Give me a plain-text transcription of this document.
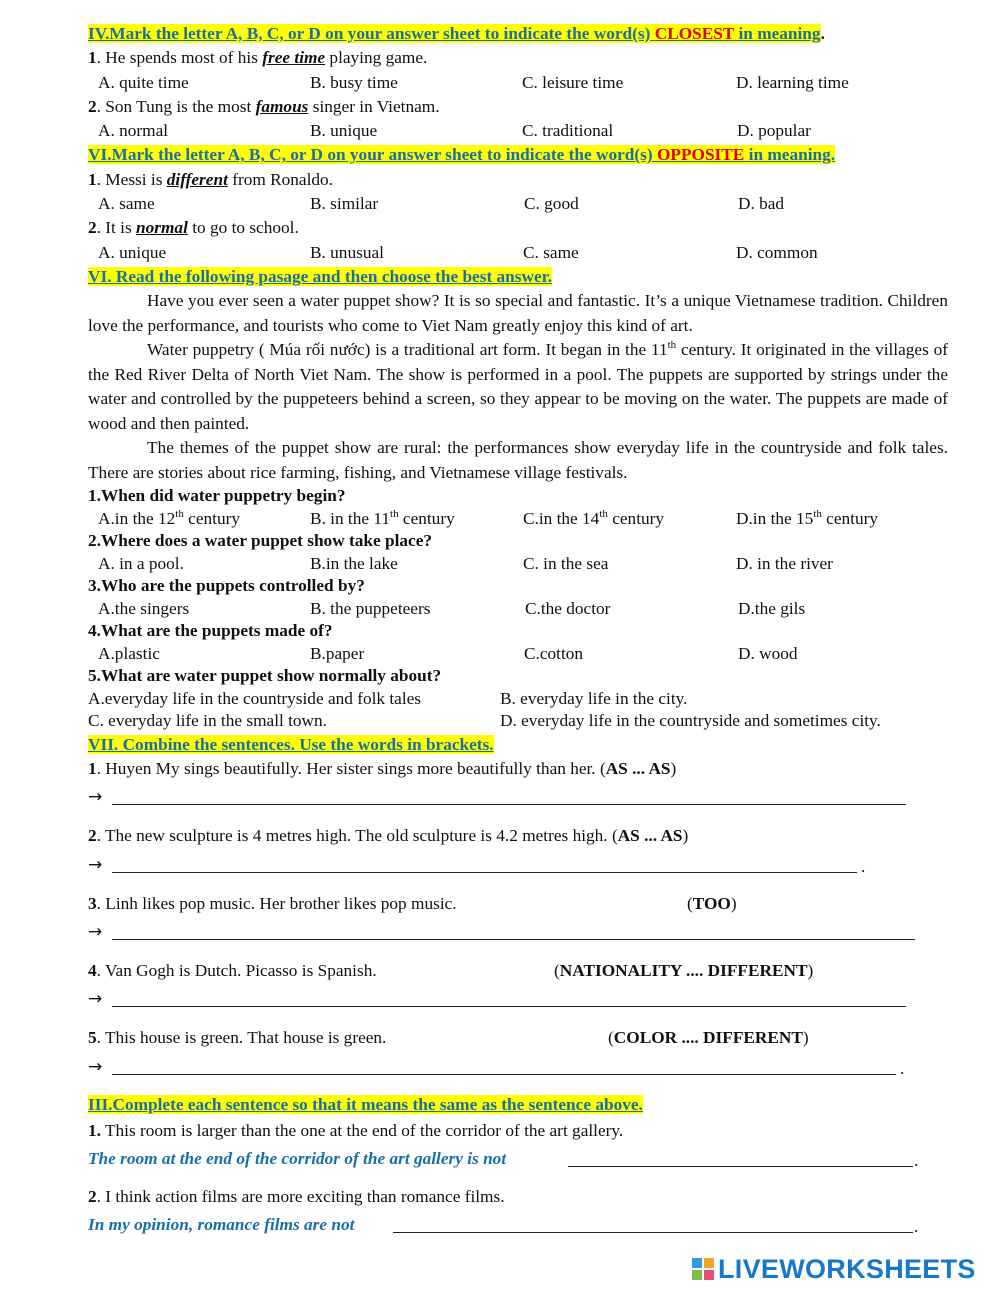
IV.Mark the letter A, B, C, or D on your answer sheet to indicate the word(s) CLOSEST in meaning.
1. He spends most of his free time playing game.
A. quite time	B. busy time	C. leisure time	D. learning time
2. Son Tung is the most famous singer in Vietnam.
A. normal	B. unique	C. traditional	D. popular
VI.Mark the letter A, B, C, or D on your answer sheet to indicate the word(s) OPPOSITE in meaning.
1. Messi is different from Ronaldo.
A. same	B. similar	C. good	D. bad
2. It is normal to go to school.
A. unique	B. unusual	C. same	D. common
VI. Read the following pasage and then choose the best answer.
Have you ever seen a water puppet show? It is so special and fantastic. It’s a unique Vietnamese tradition. Children love the performance, and tourists who come to Viet Nam greatly enjoy this kind of art.
Water puppetry ( Múa rối nước) is a traditional art form. It began in the 11th century. It originated in the villages of the Red River Delta of North Viet Nam. The show is performed in a pool. The puppets are supported by strings under the water and controlled by the puppeteers behind a screen, so they appear to be moving on the water. The puppets are made of wood and then painted.
The themes of the puppet show are rural: the performances show everyday life in the countryside and folk tales. There are stories about rice farming, fishing, and Vietnamese village festivals.
1.When did water puppetry begin?
A.in the 12th century	B. in the 11th century	C.in the 14th century	D.in the 15th century
2.Where does a water puppet show take place?
A. in a pool.	B.in the lake	C. in the sea	D. in the river
3.Who are the puppets controlled by?
A.the singers	B. the puppeteers	C.the doctor	D.the gils
4.What are the puppets made of?
A.plastic	B.paper	C.cotton	D. wood
5.What are water puppet show normally about?
A.everyday life in the countryside and folk tales	B. everyday life in the city.
C. everyday life in the small town.	D. everyday life in the countryside and sometimes city.
VII. Combine the sentences. Use the words in brackets.
1. Huyen My sings beautifully. Her sister sings more beautifully than her. (AS ... AS)
→
2. The new sculpture is 4 metres high. The old sculpture is 4.2 metres high. (AS ... AS)
→	.
3. Linh likes pop music. Her brother likes pop music.	(TOO)
→
4. Van Gogh is Dutch. Picasso is Spanish.	(NATIONALITY .... DIFFERENT)
→
5. This house is green. That house is green.	(COLOR .... DIFFERENT)
→	.
III.Complete each sentence so that it means the same as the sentence above.
1. This room is larger than the one at the end of the corridor of the art gallery.
The room at the end of the corridor of the art gallery is not	.
2. I think action films are more exciting than romance films.
In my opinion, romance films are not	.
LIVEWORKSHEETS
